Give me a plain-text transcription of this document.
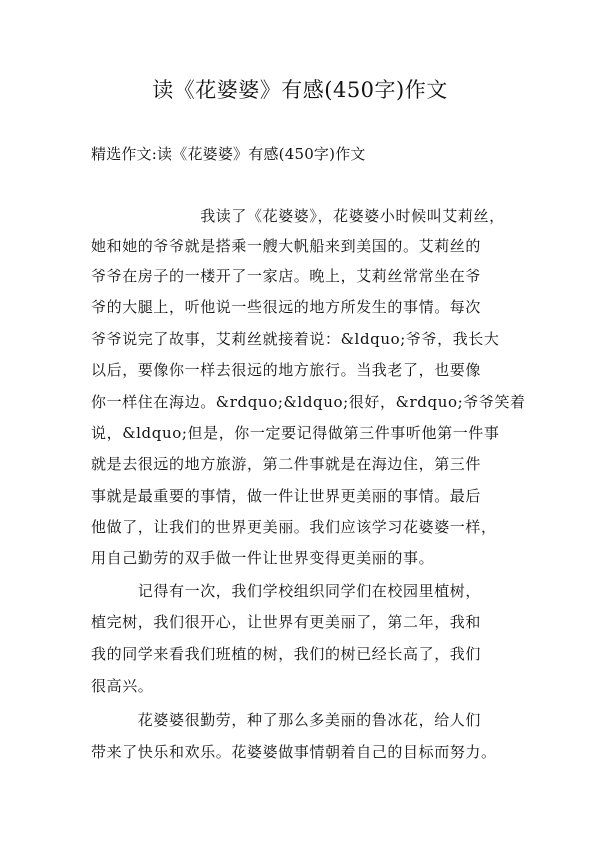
读《花婆婆》有感(450字)作文
精选作文:读《花婆婆》有感(450字)作文
　　　　　　　我读了《花婆婆》，花婆婆小时候叫艾莉丝，
她和她的爷爷就是搭乘一艘大帆船来到美国的。艾莉丝的
爷爷在房子的一楼开了一家店。晚上，艾莉丝常常坐在爷
爷的大腿上，听他说一些很远的地方所发生的事情。每次
爷爷说完了故事，艾莉丝就接着说：&ldquo;爷爷，我长大
以后，要像你一样去很远的地方旅行。当我老了，也要像
你一样住在海边。&rdquo;&ldquo;很好，&rdquo;爷爷笑着
说，&ldquo;但是，你一定要记得做第三件事听他第一件事
就是去很远的地方旅游，第二件事就是在海边住，第三件
事就是最重要的事情，做一件让世界更美丽的事情。最后
他做了，让我们的世界更美丽。我们应该学习花婆婆一样，
用自己勤劳的双手做一件让世界变得更美丽的事。
　　　记得有一次，我们学校组织同学们在校园里植树，
植完树，我们很开心，让世界有更美丽了，第二年，我和
我的同学来看我们班植的树，我们的树已经长高了，我们
很高兴。
　　　花婆婆很勤劳，种了那么多美丽的鲁冰花，给人们
带来了快乐和欢乐。花婆婆做事情朝着自己的目标而努力。
